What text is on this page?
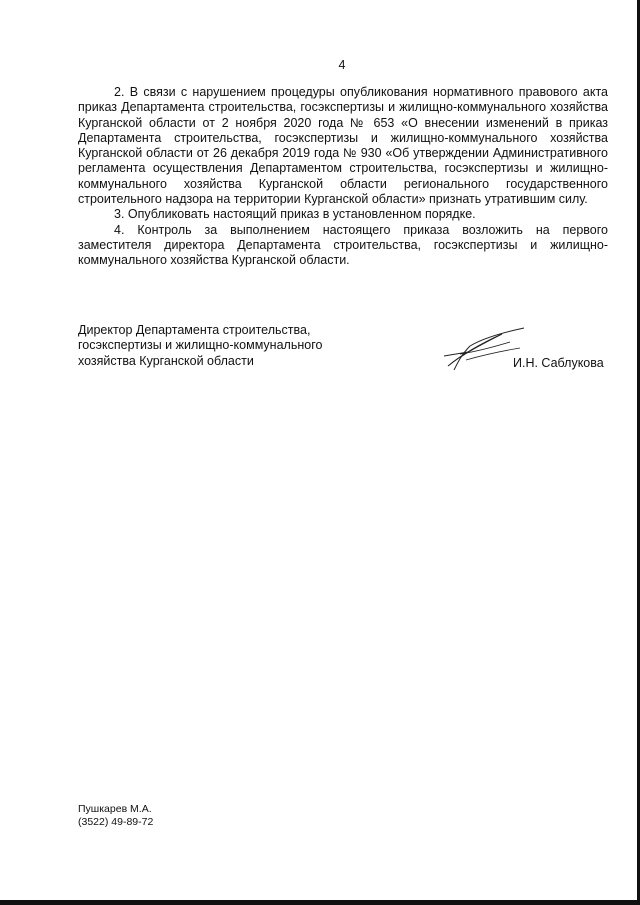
4

2. В связи с нарушением процедуры опубликования нормативного правового акта приказ Департамента строительства, госэкспертизы и жилищно-коммунального хозяйства Курганской области от 2 ноября 2020 года № 653 «О внесении изменений в приказ Департамента строительства, госэкспертизы и жилищно-коммунального хозяйства Курганской области от 26 декабря 2019 года № 930 «Об утверждении Административного регламента осуществления Департаментом строительства, госэкспертизы и жилищно-коммунального хозяйства Курганской области регионального государственного строительного надзора на территории Курганской области» признать утратившим силу.

3. Опубликовать настоящий приказ в установленном порядке.

4. Контроль за выполнением настоящего приказа возложить на первого заместителя директора Департамента строительства, госэкспертизы и жилищно-коммунального хозяйства Курганской области.

Директор Департамента строительства,
госэкспертизы и жилищно-коммунального
хозяйства Курганской области	И.Н. Саблукова
Пушкарев М.А.
(3522) 49-89-72
